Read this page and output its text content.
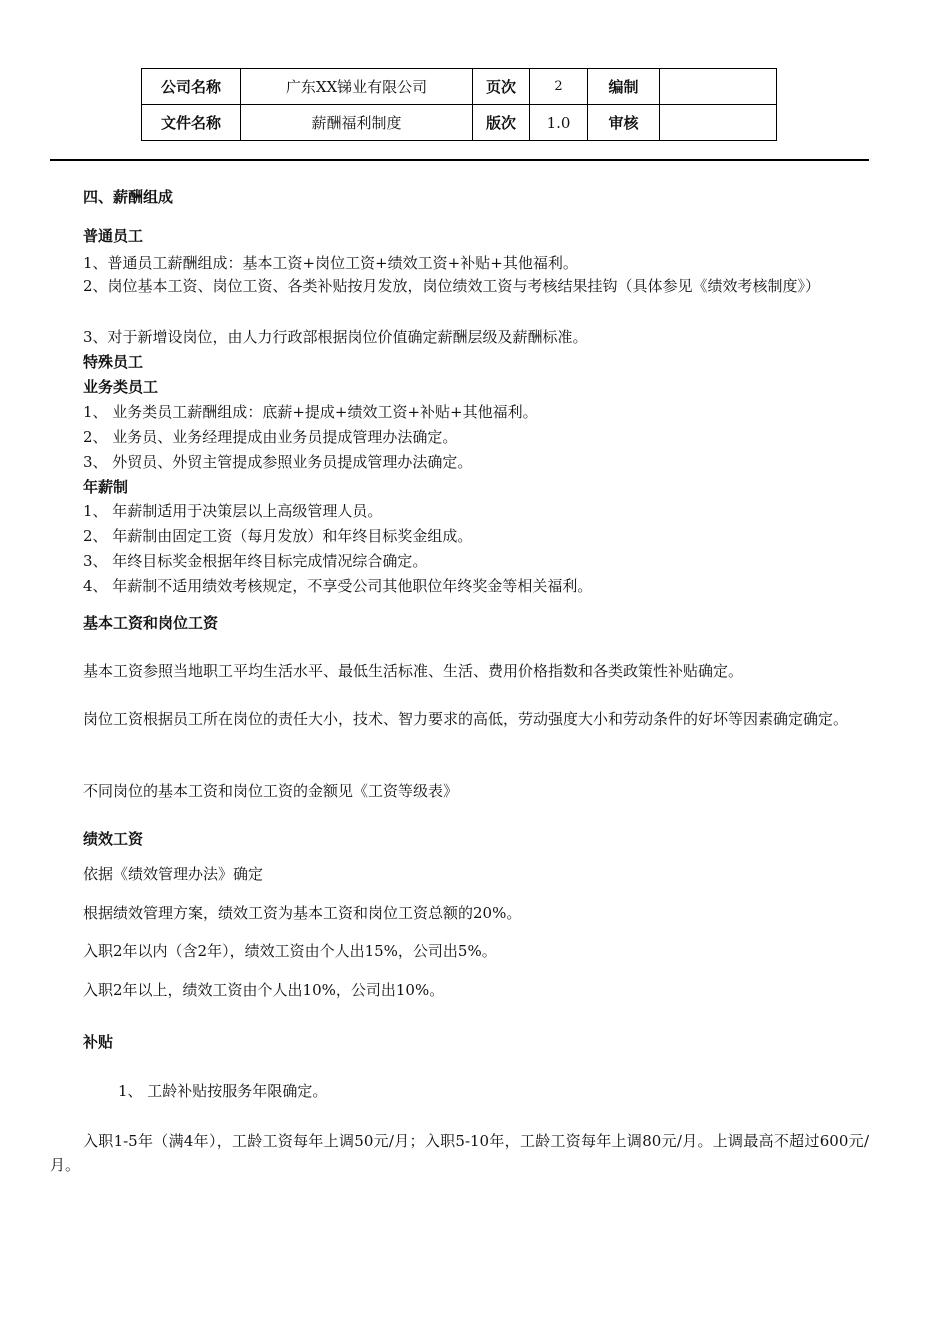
公司名称	广东XX锑业有限公司	页次	2	编制	
文件名称	薪酬福利制度	版次	1.0	审核	
四、薪酬组成
普通员工
1、普通员工薪酬组成：基本工资+岗位工资+绩效工资+补贴+其他福利。
2、岗位基本工资、岗位工资、各类补贴按月发放，岗位绩效工资与考核结果挂钩（具体参见《绩效考核制度》）
3、对于新增设岗位，由人力行政部根据岗位价值确定薪酬层级及薪酬标准。
特殊员工
业务类员工
1、 业务类员工薪酬组成：底薪+提成+绩效工资+补贴+其他福利。
2、 业务员、业务经理提成由业务员提成管理办法确定。
3、 外贸员、外贸主管提成参照业务员提成管理办法确定。
年薪制
1、 年薪制适用于决策层以上高级管理人员。
2、 年薪制由固定工资（每月发放）和年终目标奖金组成。
3、 年终目标奖金根据年终目标完成情况综合确定。
4、 年薪制不适用绩效考核规定，不享受公司其他职位年终奖金等相关福利。
基本工资和岗位工资
基本工资参照当地职工平均生活水平、最低生活标准、生活、费用价格指数和各类政策性补贴确定。
岗位工资根据员工所在岗位的责任大小，技术、智力要求的高低，劳动强度大小和劳动条件的好坏等因素确定确定。
不同岗位的基本工资和岗位工资的金额见《工资等级表》
绩效工资
依据《绩效管理办法》确定
根据绩效管理方案，绩效工资为基本工资和岗位工资总额的20%。
入职2年以内（含2年），绩效工资由个人出15%，公司出5%。
入职2年以上，绩效工资由个人出10%，公司出10%。
补贴
1、 工龄补贴按服务年限确定。
入职1-5年（满4年），工龄工资每年上调50元/月；入职5-10年，工龄工资每年上调80元/月。上调最高不超过600元/月。
